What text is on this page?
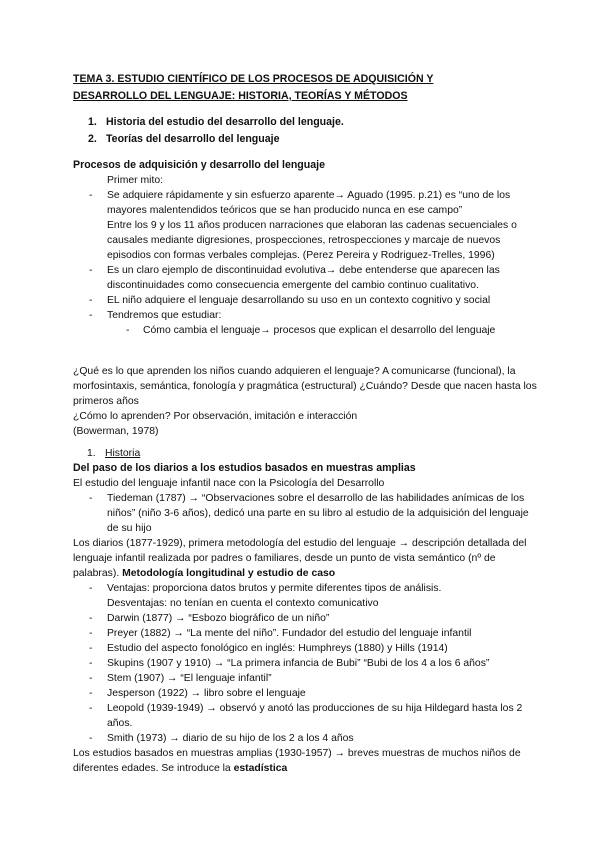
TEMA 3. ESTUDIO CIENTÍFICO DE LOS PROCESOS DE ADQUISICIÓN Y
DESARROLLO DEL LENGUAJE: HISTORIA, TEORÍAS Y MÉTODOS
1. Historia del estudio del desarrollo del lenguaje.
2. Teorías del desarrollo del lenguaje
Procesos de adquisición y desarrollo del lenguaje
Primer mito:
- Se adquiere rápidamente y sin esfuerzo aparente→ Aguado (1995. p.21) es “uno de los mayores malentendidos teóricos que se han producido nunca en ese campo”
Entre los 9 y los 11 años producen narraciones que elaboran las cadenas secuenciales o causales mediante digresiones, prospecciones, retrospecciones y marcaje de nuevos episodios con formas verbales complejas. (Perez Pereira y Rodriguez-Trelles, 1996)
- Es un claro ejemplo de discontinuidad evolutiva→ debe entenderse que aparecen las discontinuidades como consecuencia emergente del cambio continuo cualitativo.
- EL niño adquiere el lenguaje desarrollando su uso en un contexto cognitivo y social
- Tendremos que estudiar:
- Cómo cambia el lenguaje→ procesos que explican el desarrollo del lenguaje
¿Qué es lo que aprenden los niños cuando adquieren el lenguaje? A comunicarse (funcional), la morfosintaxis, semántica, fonología y pragmática (estructural) ¿Cuándo? Desde que nacen hasta los primeros años
¿Cómo lo aprenden? Por observación, imitación e interacción
(Bowerman, 1978)
1. Historia
Del paso de los diarios a los estudios basados en muestras amplias
El estudio del lenguaje infantil nace con la Psicología del Desarrollo
- Tiedeman (1787) → “Observaciones sobre el desarrollo de las habilidades anímicas de los niños” (niño 3-6 años), dedicó una parte en su libro al estudio de la adquisición del lenguaje de su hijo
Los diarios (1877-1929), primera metodología del estudio del lenguaje → descripción detallada del lenguaje infantil realizada por padres o familiares, desde un punto de vista semántico (nº de palabras). Metodología longitudinal y estudio de caso
- Ventajas: proporciona datos brutos y permite diferentes tipos de análisis.
Desventajas: no tenían en cuenta el contexto comunicativo
- Darwin (1877) → “Esbozo biográfico de un niño”
- Preyer (1882) → “La mente del niño”. Fundador del estudio del lenguaje infantil
- Estudio del aspecto fonológico en inglés: Humphreys (1880) y Hills (1914)
- Skupins (1907 y 1910) → “La primera infancia de Bubi” “Bubi de los 4 a los 6 años”
- Stem (1907) → “El lenguaje infantil”
- Jesperson (1922) → libro sobre el lenguaje
- Leopold (1939-1949) → observó y anotó las producciones de su hija Hildegard hasta los 2 años.
- Smith (1973) → diario de su hijo de los 2 a los 4 años
Los estudios basados en muestras amplias (1930-1957) → breves muestras de muchos niños de diferentes edades. Se introduce la estadística
